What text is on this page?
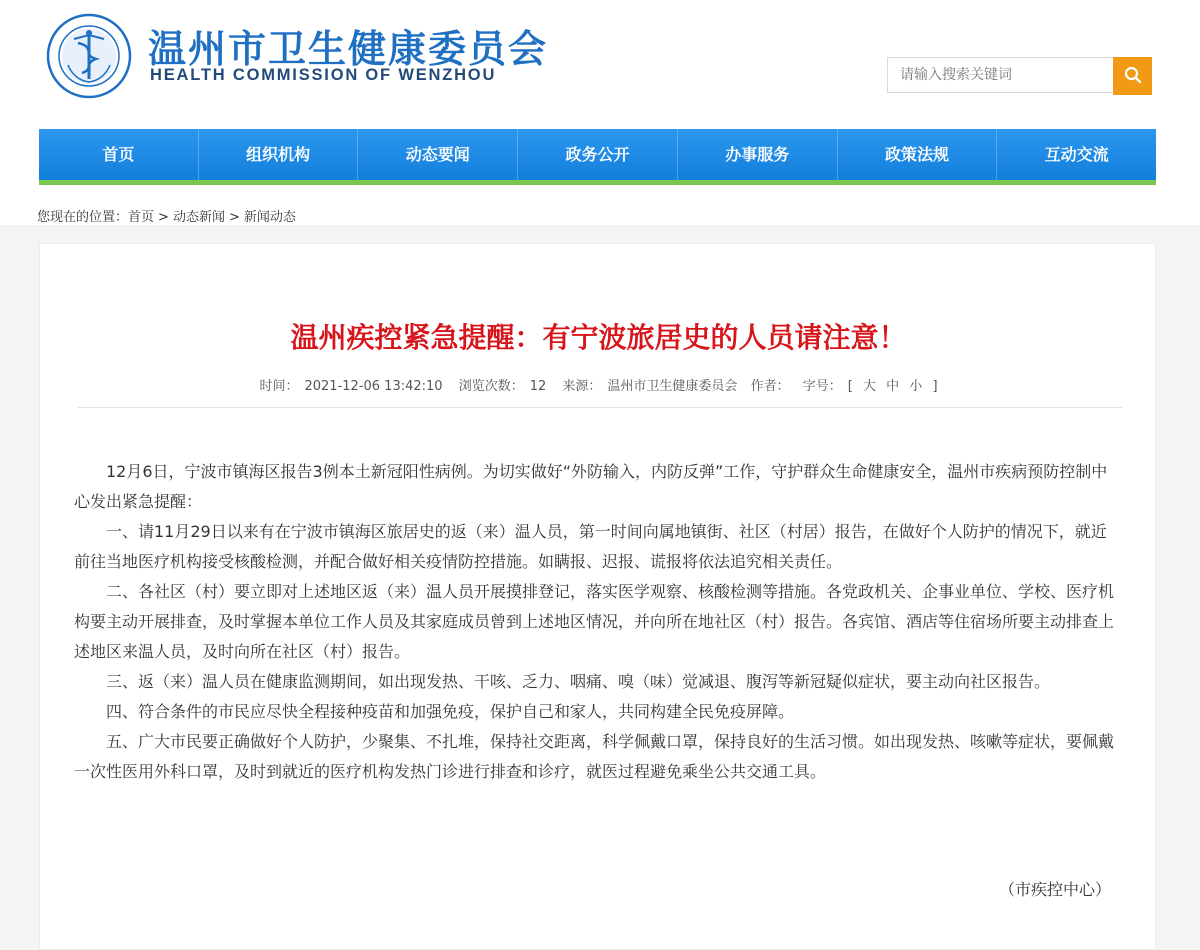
温州市卫生健康委员会
HEALTH COMMISSION OF WENZHOU
请输入搜索关键词
首页	组织机构	动态要闻	政务公开	办事服务	政策法规	互动交流
您现在的位置：首页 > 动态新闻 > 新闻动态
温州疾控紧急提醒：有宁波旅居史的人员请注意！
时间： 2021-12-06 13:42:10 浏览次数： 12 来源： 温州市卫生健康委员会 作者： 字号： [ 大 中 小 ]

12月6日，宁波市镇海区报告3例本土新冠阳性病例。为切实做好“外防输入，内防反弹”工作，守护群众生命健康安全，温州市疾病预防控制中心发出紧急提醒：

一、请11月29日以来有在宁波市镇海区旅居史的返（来）温人员，第一时间向属地镇街、社区（村居）报告，在做好个人防护的情况下，就近前往当地医疗机构接受核酸检测，并配合做好相关疫情防控措施。如瞒报、迟报、谎报将依法追究相关责任。

二、各社区（村）要立即对上述地区返（来）温人员开展摸排登记，落实医学观察、核酸检测等措施。各党政机关、企事业单位、学校、医疗机构要主动开展排查，及时掌握本单位工作人员及其家庭成员曾到上述地区情况，并向所在地社区（村）报告。各宾馆、酒店等住宿场所要主动排查上述地区来温人员，及时向所在社区（村）报告。

三、返（来）温人员在健康监测期间，如出现发热、干咳、乏力、咽痛、嗅（味）觉减退、腹泻等新冠疑似症状，要主动向社区报告。

四、符合条件的市民应尽快全程接种疫苗和加强免疫，保护自己和家人，共同构建全民免疫屏障。

五、广大市民要正确做好个人防护，少聚集、不扎堆，保持社交距离，科学佩戴口罩，保持良好的生活习惯。如出现发热、咳嗽等症状，要佩戴一次性医用外科口罩，及时到就近的医疗机构发热门诊进行排查和诊疗，就医过程避免乘坐公共交通工具。

（市疾控中心）
